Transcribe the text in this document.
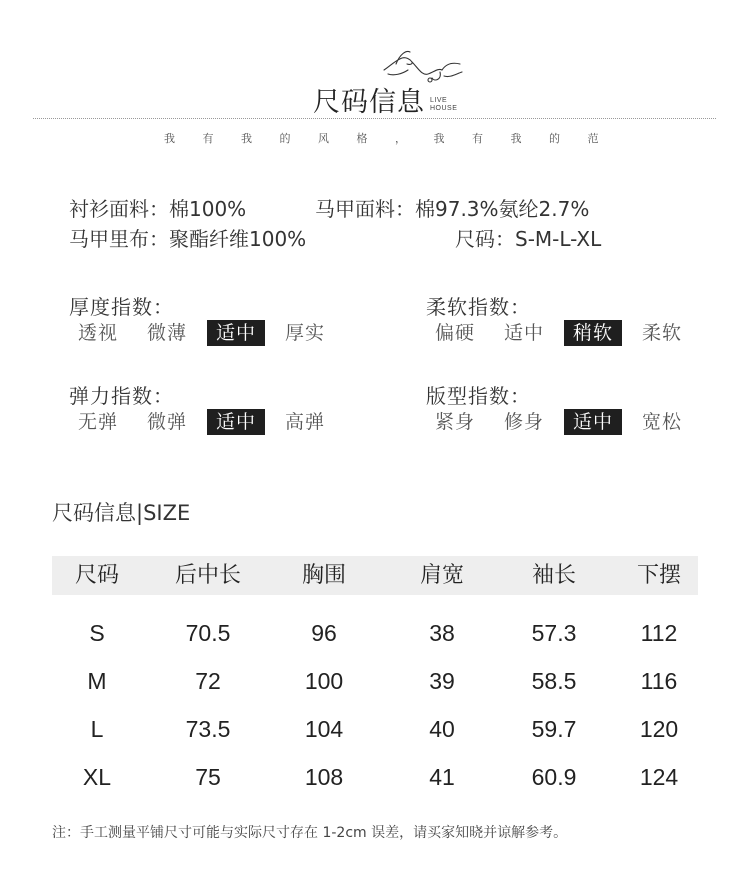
尺码信息 LIVE
HOUSE
我	有	我	的	风	格	，	我	有	我	的	范
衬衫面料：棉100%	马甲面料：棉97.3%氨纶2.7%
马甲里布：聚酯纤维100%	尺码：S-M-L-XL
厚度指数：
透视	微薄	适中	厚实
柔软指数：
偏硬	适中	稍软	柔软
弹力指数：
无弹	微弹	适中	高弹
版型指数：
紧身	修身	适中	宽松
尺码信息|SIZE
尺码	后中长	胸围	肩宽	袖长	下摆
S	70.5	96	38	57.3	112
M	72	100	39	58.5	116
L	73.5	104	40	59.7	120
XL	75	108	41	60.9	124
注：手工测量平铺尺寸可能与实际尺寸存在 1-2cm 误差，请买家知晓并谅解参考。
